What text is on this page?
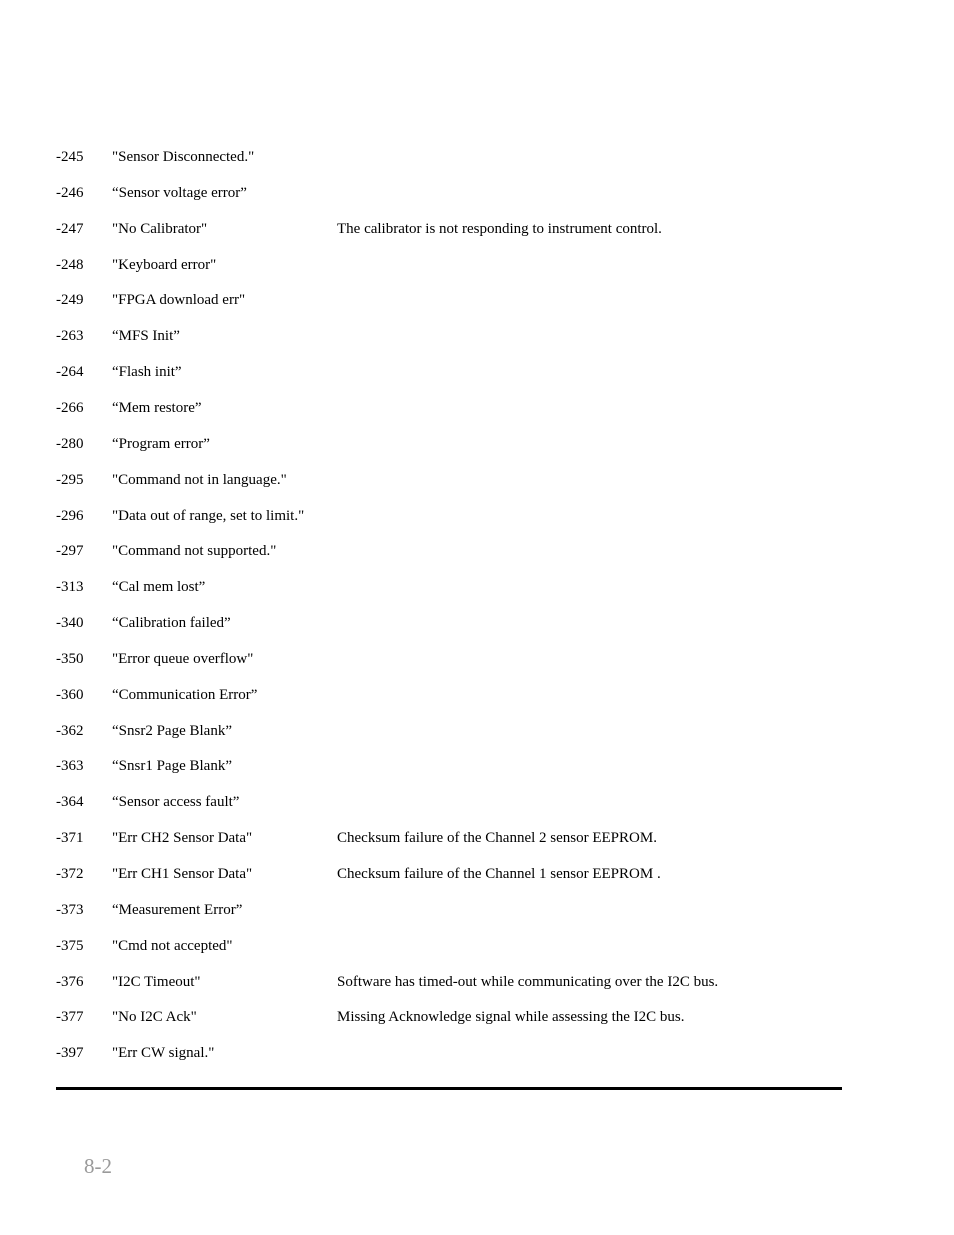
-245 "Sensor Disconnected."
-246 “Sensor voltage error”
-247 "No Calibrator"	The calibrator is not responding to instrument control.
-248 "Keyboard error"
-249 "FPGA download err"
-263 “MFS Init”
-264 “Flash init”
-266 “Mem restore”
-280 “Program error”
-295 "Command not in language."
-296 "Data out of range, set to limit."
-297 "Command not supported."
-313 “Cal mem lost”
-340 “Calibration failed”
-350 "Error queue overflow"
-360 “Communication Error”
-362 “Snsr2 Page Blank”
-363 “Snsr1 Page Blank”
-364 “Sensor access fault”
-371 "Err CH2 Sensor Data"	Checksum failure of the Channel 2 sensor EEPROM.
-372 "Err CH1 Sensor Data"	Checksum failure of the Channel 1 sensor EEPROM .
-373 “Measurement Error”
-375 "Cmd not accepted"
-376 "I2C Timeout"	Software has timed-out while communicating over the I2C bus.
-377 "No I2C Ack"	Missing Acknowledge signal while assessing the I2C bus.
-397 "Err CW signal."
8-2
